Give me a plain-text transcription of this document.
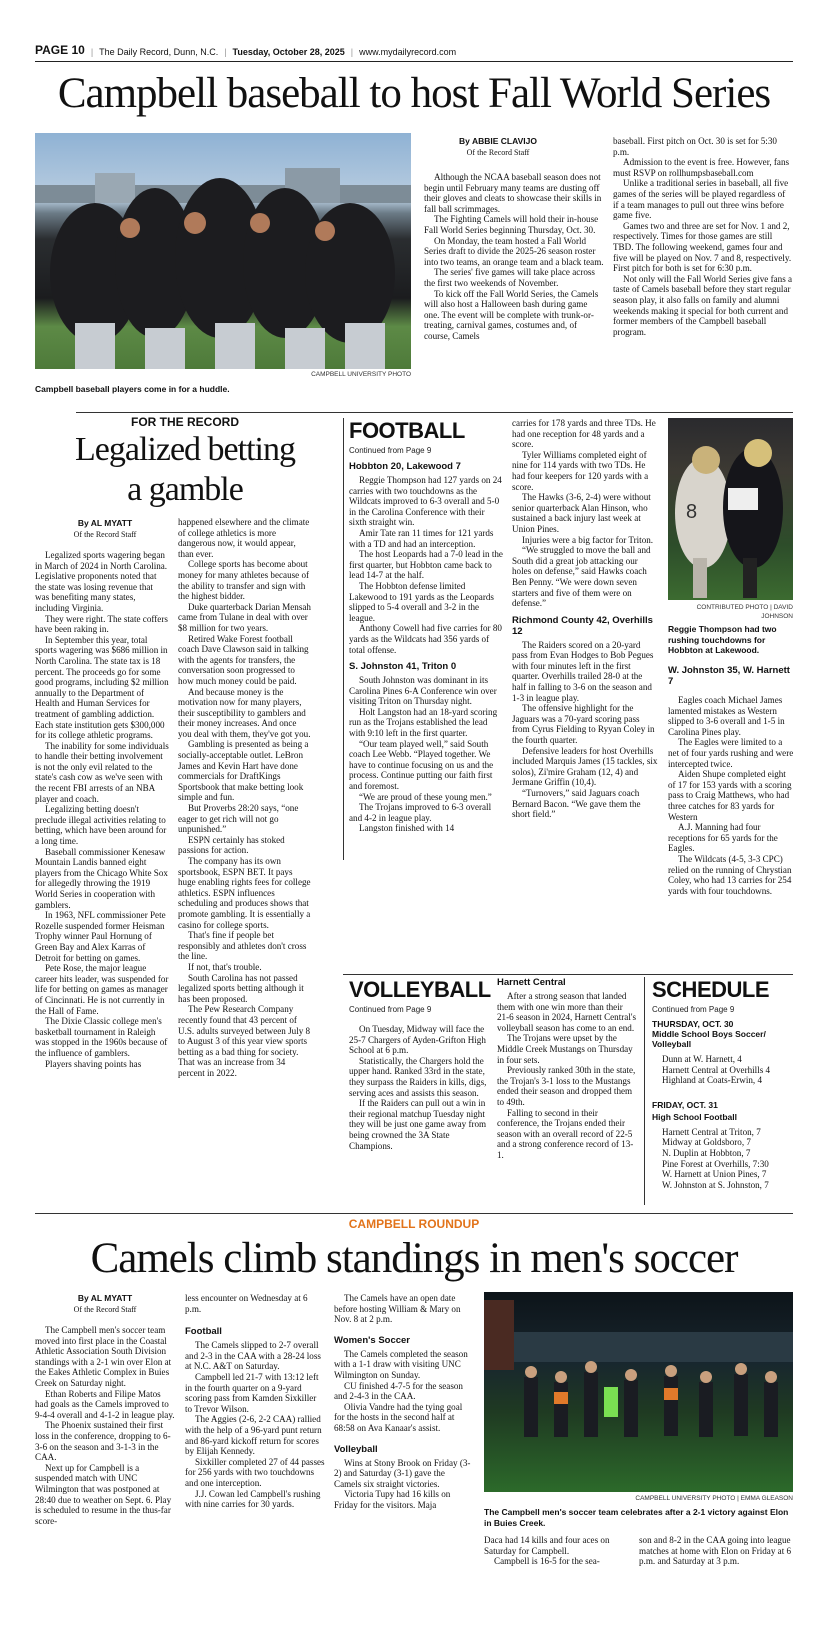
PAGE 10 | The Daily Record, Dunn, N.C. | Tuesday, October 28, 2025 | www.mydailyrecord.com
Campbell baseball to host Fall World Series
CAMPBELL UNIVERSITY PHOTO
Campbell baseball players come in for a huddle.
By ABBIE CLAVIJO
Of the Record Staff

Although the NCAA baseball season does not begin until February many teams are dusting off their gloves and cleats to showcase their skills in fall ball scrimmages.

The Fighting Camels will hold their in-house Fall World Series beginning Thursday, Oct. 30.

On Monday, the team hosted a Fall World Series draft to divide the 2025-26 season roster into two teams, an orange team and a black team.

The series' five games will take place across the first two weekends of November.

To kick off the Fall World Series, the Camels will also host a Halloween bash during game one. The event will be complete with trunk-or-treating, carnival games, costumes and, of course, Camels

baseball. First pitch on Oct. 30 is set for 5:30 p.m.

Admission to the event is free. However, fans must RSVP on rollhumpsbaseball.com

Unlike a traditional series in baseball, all five games of the series will be played regardless of if a team manages to pull out three wins before game five.

Games two and three are set for Nov. 1 and 2, respectively. Times for those games are still TBD. The following weekend, games four and five will be played on Nov. 7 and 8, respectively. First pitch for both is set for 6:30 p.m.

Not only will the Fall World Series give fans a taste of Camels baseball before they start regular season play, it also falls on family and alumni weekends making it special for both current and former members of the Campbell baseball program.

FOR THE RECORD
Legalized betting
a gamble
By AL MYATT
Of the Record Staff

Legalized sports wagering began in March of 2024 in North Carolina. Legislative proponents noted that the state was losing revenue that was benefiting many states, including Virginia.

They were right. The state coffers have been raking in.

In September this year, total sports wagering was $686 million in North Carolina. The state tax is 18 percent. The proceeds go for some good programs, including $2 million annually to the Department of Health and Human Services for treatment of gambling addiction. Each state institution gets $300,000 for its college athletic programs.

The inability for some individuals to handle their betting involvement is not the only evil related to the state's cash cow as we've seen with the recent FBI arrests of an NBA player and coach.

Legalizing betting doesn't preclude illegal activities relating to betting, which have been around for a long time.

Baseball commissioner Kenesaw Mountain Landis banned eight players from the Chicago White Sox for allegedly throwing the 1919 World Series in cooperation with gamblers.

In 1963, NFL commissioner Pete Rozelle suspended former Heisman Trophy winner Paul Hornung of Green Bay and Alex Karras of Detroit for betting on games.

Pete Rose, the major league career hits leader, was suspended for life for betting on games as manager of Cincinnati. He is not currently in the Hall of Fame.

The Dixie Classic college men's basketball tournament in Raleigh was stopped in the 1960s because of the influence of gamblers.

Players shaving points has

happened elsewhere and the climate of college athletics is more dangerous now, it would appear, than ever.

College sports has become about money for many athletes because of the ability to transfer and sign with the highest bidder.

Duke quarterback Darian Mensah came from Tulane in deal with over $8 million for two years.

Retired Wake Forest football coach Dave Clawson said in talking with the agents for transfers, the conversation soon progressed to how much money could be paid.

And because money is the motivation now for many players, their susceptibility to gamblers and their money increases. And once you deal with them, they've got you.

Gambling is presented as being a socially-acceptable outlet. LeBron James and Kevin Hart have done commercials for DraftKings Sportsbook that make betting look simple and fun.

But Proverbs 28:20 says, “one eager to get rich will not go unpunished.”

ESPN certainly has stoked passions for action.

The company has its own sportsbook, ESPN BET. It pays huge enabling rights fees for college athletics. ESPN influences scheduling and produces shows that promote gambling. It is essentially a casino for college sports.

That's fine if people bet responsibly and athletes don't cross the line.

If not, that's trouble.

South Carolina has not passed legalized sports betting although it has been proposed.

The Pew Research Company recently found that 43 percent of U.S. adults surveyed between July 8 to August 3 of this year view sports betting as a bad thing for society. That was an increase from 34 percent in 2022.

FOOTBALL
Continued from Page 9
Hobbton 20, Lakewood 7

Reggie Thompson had 127 yards on 24 carries with two touchdowns as the Wildcats improved to 6-3 overall and 5-0 in the Carolina Conference with their sixth straight win.

Amir Tate ran 11 times for 121 yards with a TD and had an interception.

The host Leopards had a 7-0 lead in the first quarter, but Hobbton came back to lead 14-7 at the half.

The Hobbton defense limited Lakewood to 191 yards as the Leopards slipped to 5-4 overall and 3-2 in the league.

Anthony Cowell had five carries for 80 yards as the Wildcats had 356 yards of total offense.

S. Johnston 41, Triton 0

South Johnston was dominant in its Carolina Pines 6-A Conference win over visiting Triton on Thursday night.

Holt Langston had an 18-yard scoring run as the Trojans established the lead with 9:10 left in the first quarter.

“Our team played well,” said South coach Lee Webb. “Played together. We have to continue focusing on us and the process. Continue putting our faith first and foremost.

“We are proud of these young men.”

The Trojans improved to 6-3 overall and 4-2 in league play.

Langston finished with 14

carries for 178 yards and three TDs. He had one reception for 48 yards and a score.

Tyler Williams completed eight of nine for 114 yards with two TDs. He had four keepers for 120 yards with a score.

The Hawks (3-6, 2-4) were without senior quarterback Alan Hinson, who sustained a back injury last week at Union Pines.

Injuries were a big factor for Triton.

“We struggled to move the ball and South did a great job attacking our holes on defense,” said Hawks coach Ben Penny. “We were down seven starters and five of them were on defense.”

Richmond County 42, Overhills 12

The Raiders scored on a 20-yard pass from Evan Hodges to Bob Pegues with four minutes left in the first quarter. Overhills trailed 28-0 at the half in falling to 3-6 on the season and 1-3 in league play.

The offensive highlight for the Jaguars was a 70-yard scoring pass from Cyrus Fielding to Ryyan Coley in the fourth quarter.

Defensive leaders for host Overhills included Marquis James (15 tackles, six solos), Zi'mire Graham (12, 4) and Jermane Griffin (10,4).

“Turnovers,” said Jaguars coach Bernard Bacon. “We gave them the short field.”

8
CONTRIBUTED PHOTO | DAVID
JOHNSON
Reggie Thompson had two rushing touchdowns for Hobbton at Lakewood.
W. Johnston 35, W. Harnett 7

Eagles coach Michael James lamented mistakes as Western slipped to 3-6 overall and 1-5 in Carolina Pines play.

The Eagles were limited to a net of four yards rushing and were intercepted twice.

Aiden Shupe completed eight of 17 for 153 yards with a scoring pass to Craig Matthews, who had three catches for 83 yards for Western

A.J. Manning had four receptions for 65 yards for the Eagles.

The Wildcats (4-5, 3-3 CPC) relied on the running of Chrystian Coley, who had 13 carries for 254 yards with four touchdowns.

VOLLEYBALL
Continued from Page 9

On Tuesday, Midway will face the 25-7 Chargers of Ayden-Grifton High School at 6 p.m.

Statistically, the Chargers hold the upper hand. Ranked 33rd in the state, they surpass the Raiders in kills, digs, serving aces and assists this season.

If the Raiders can pull out a win in their regional matchup Tuesday night they will be just one game away from being crowned the 3A State Champions.

Harnett Central

After a strong season that landed them with one win more than their 21-6 season in 2024, Harnett Central's volleyball season has come to an end.

The Trojans were upset by the Middle Creek Mustangs on Thursday in four sets.

Previously ranked 30th in the state, the Trojan's 3-1 loss to the Mustangs ended their season and dropped them to 49th.

Falling to second in their conference, the Trojans ended their season with an overall record of 22-5 and a strong conference record of 13-1.

SCHEDULE
Continued from Page 9
THURSDAY, OCT. 30
Middle School Boys Soccer/ Volleyball
Dunn at W. Harnett, 4
Harnett Central at Overhills 4
Highland at Coats-Erwin, 4
FRIDAY, OCT. 31
High School Football
Harnett Central at Triton, 7
Midway at Goldsboro, 7
N. Duplin at Hobbton, 7
Pine Forest at Overhills, 7:30
W. Harnett at Union Pines, 7
W. Johnston at S. Johnston, 7
CAMPBELL ROUNDUP
Camels climb standings in men's soccer
By AL MYATT
Of the Record Staff

The Campbell men's soccer team moved into first place in the Coastal Athletic Association South Division standings with a 2-1 win over Elon at the Eakes Athletic Complex in Buies Creek on Saturday night.

Ethan Roberts and Filipe Matos had goals as the Camels improved to 9-4-4 overall and 4-1-2 in league play.

The Phoenix sustained their first loss in the conference, dropping to 6-3-6 on the season and 3-1-3 in the CAA.

Next up for Campbell is a suspended match with UNC Wilmington that was postponed at 28:40 due to weather on Sept. 6. Play is scheduled to resume in the thus-far score-

less encounter on Wednesday at 6 p.m.
Football

The Camels slipped to 2-7 overall and 2-3 in the CAA with a 28-24 loss at N.C. A&T on Saturday.

Campbell led 21-7 with 13:12 left in the fourth quarter on a 9-yard scoring pass from Kamden Sixkiller to Trevor Wilson.

The Aggies (2-6, 2-2 CAA) rallied with the help of a 96-yard punt return and 86-yard kickoff return for scores by Elijah Kennedy.

Sixkiller completed 27 of 44 passes for 256 yards with two touchdowns and one interception.

J.J. Cowan led Campbell's rushing with nine carries for 30 yards.

The Camels have an open date before hosting William & Mary on Nov. 8 at 2 p.m.

Women's Soccer

The Camels completed the season with a 1-1 draw with visiting UNC Wilmington on Sunday.

CU finished 4-7-5 for the season and 2-4-3 in the CAA.

Olivia Vandre had the tying goal for the hosts in the second half at 68:58 on Ava Kanaar's assist.

Volleyball

Wins at Stony Brook on Friday (3-2) and Saturday (3-1) gave the Camels six straight victories.

Victoria Tupy had 16 kills on Friday for the visitors. Maja

CAMPBELL UNIVERSITY PHOTO | EMMA GLEASON
The Campbell men's soccer team celebrates after a 2-1 victory against Elon in Buies Creek.

Daca had 14 kills and four aces on Saturday for Campbell.

Campbell is 16-5 for the sea-

son and 8-2 in the CAA going into league matches at home with Elon on Friday at 6 p.m. and Saturday at 3 p.m.
